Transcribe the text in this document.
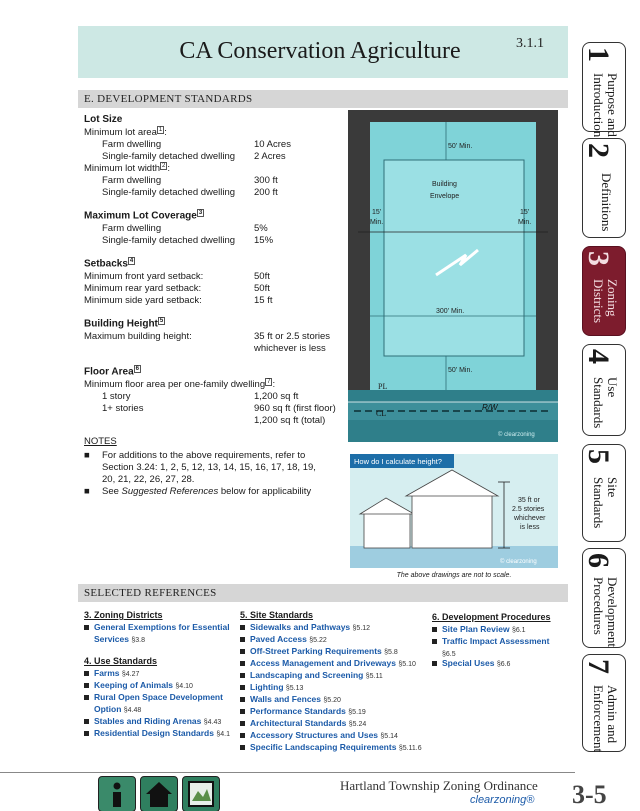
CA Conservation Agriculture	3.1.1
1
Purpose and
Introduction
2
Definitions
3
Zoning
Districts
4
Use
Standards
5
Site
Standards
6
Development
Procedures
7
Admin and
Enforcement
E. DEVELOPMENT STANDARDS
Lot Size
Minimum lot area $^1$ :
Farm dwelling	10 Acres
Single-family detached dwelling 2 Acres
Minimum lot width $^2$ :
Farm dwelling	300 ft
Single-family detached dwelling 200 ft
Maximum Lot Coverage $^3$
Farm dwelling	5%
Single-family detached dwelling 15%
Setbacks $^4$
Minimum front yard setback:	50ft
Minimum rear yard setback:	50ft
Minimum side yard setback:	15 ft
Building Height $^5$
Maximum building height:	35 ft or 2.5 stories
whichever is less
Floor Area $^6$
Minimum floor area per one-family dwelling $^7$ :
1 story	1,200 sq ft
1+ stories	960 sq ft (first floor)
1,200 sq ft (total)
NOTES
■ For additions to the above requirements, refer to
Section 3.24: 1, 2, 5, 12, 13, 14, 15, 16, 17, 18, 19,
20, 21, 22, 26, 27, 28.
■ See Suggested References below for applicability
50' Min.
Building
Envelope
15'
Min.
15'
Min.
300' Min.
50' Min.
PL
CL
R/W
© clearzoning
How do I calculate height?
35 ft or
2.5 stories
whichever
is less
© clearzoning
The above drawings are not to scale.
SELECTED REFERENCES
3. Zoning Districts
General Exemptions for Essential
Services §3.8
4. Use Standards
Farms §4.27
Keeping of Animals §4.10
Rural Open Space Development
Option §4.48
Stables and Riding Arenas §4.43
Residential Design Standards §4.1
5. Site Standards
Sidewalks and Pathways §5.12
Paved Access §5.22
Off-Street Parking Requirements §5.8
Access Management and Driveways §5.10
Landscaping and Screening §5.11
Lighting §5.13
Walls and Fences §5.20
Performance Standards §5.19
Architectural Standards §5.24
Accessory Structures and Uses §5.14
Specific Landscaping Requirements §5.11.6
6. Development Procedures
Site Plan Review §6.1
Traffic Impact Assessment
§6.5
Special Uses §6.6
Hartland Township Zoning Ordinance
clearzoning® 3-5
